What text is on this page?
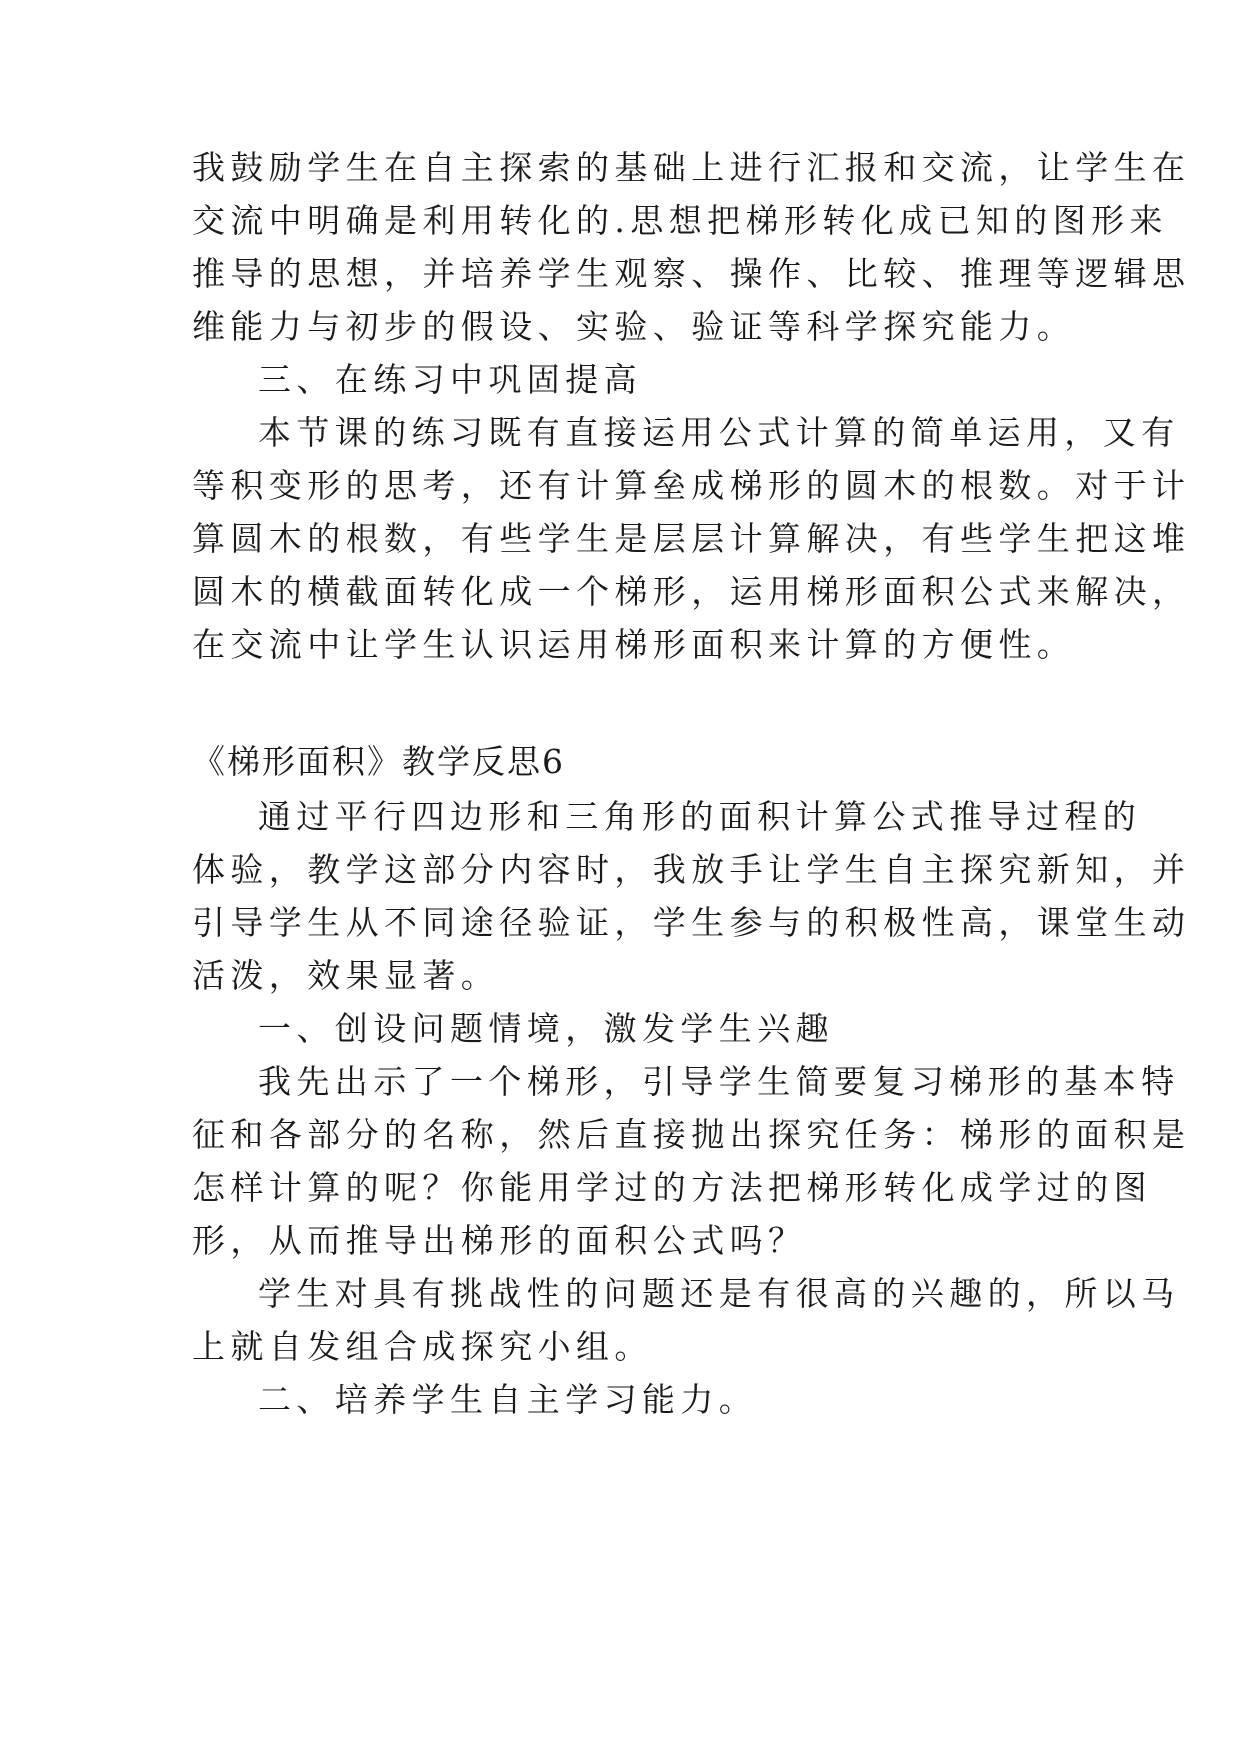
我鼓励学生在自主探索的基础上进行汇报和交流，让学生在
交流中明确是利用转化的.思想把梯形转化成已知的图形来
推导的思想，并培养学生观察、操作、比较、推理等逻辑思
维能力与初步的假设、实验、验证等科学探究能力。
三、在练习中巩固提高
本节课的练习既有直接运用公式计算的简单运用，又有
等积变形的思考，还有计算垒成梯形的圆木的根数。对于计
算圆木的根数，有些学生是层层计算解决，有些学生把这堆
圆木的横截面转化成一个梯形，运用梯形面积公式来解决，
在交流中让学生认识运用梯形面积来计算的方便性。
《梯形面积》教学反思6
通过平行四边形和三角形的面积计算公式推导过程的
体验，教学这部分内容时，我放手让学生自主探究新知，并
引导学生从不同途径验证，学生参与的积极性高，课堂生动
活泼，效果显著。
一、创设问题情境，激发学生兴趣
我先出示了一个梯形，引导学生简要复习梯形的基本特
征和各部分的名称，然后直接抛出探究任务：梯形的面积是
怎样计算的呢？你能用学过的方法把梯形转化成学过的图
形，从而推导出梯形的面积公式吗？
学生对具有挑战性的问题还是有很高的兴趣的，所以马
上就自发组合成探究小组。
二、培养学生自主学习能力。
